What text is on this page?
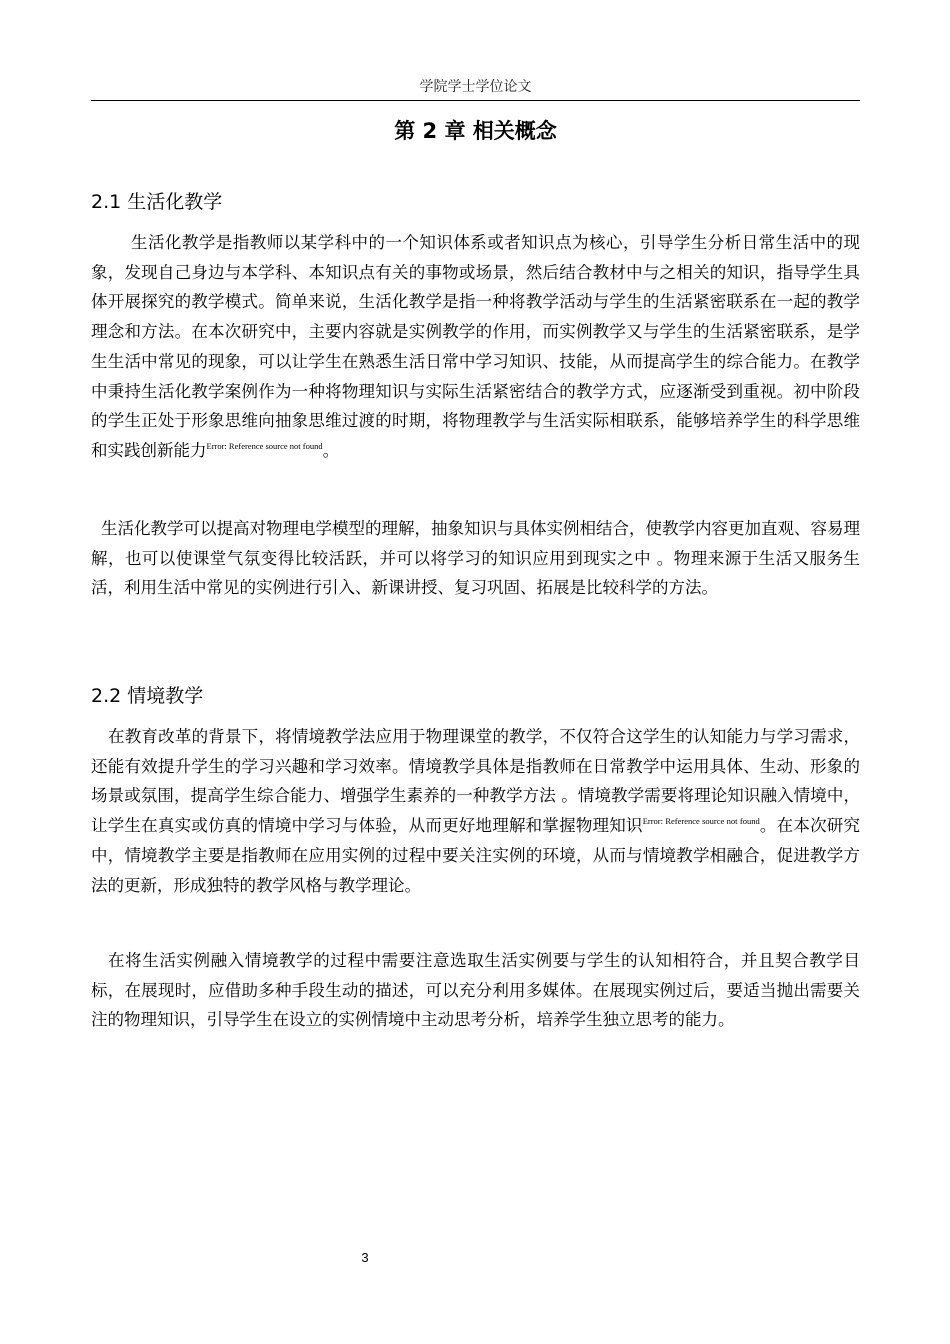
学院学士学位论文
第 2 章 相关概念
2.1 生活化教学

生活化教学是指教师以某学科中的一个知识体系或者知识点为核心，引导学生分析日常生活中的现象，发现自己身边与本学科、本知识点有关的事物或场景，然后结合教材中与之相关的知识，指导学生具体开展探究的教学模式。简单来说，生活化教学是指一种将教学活动与学生的生活紧密联系在一起的教学理念和方法。在本次研究中，主要内容就是实例教学的作用，而实例教学又与学生的生活紧密联系，是学生生活中常见的现象，可以让学生在熟悉生活日常中学习知识、技能，从而提高学生的综合能力。在教学中秉持生活化教学案例作为一种将物理知识与实际生活紧密结合的教学方式，应逐渐受到重视。初中阶段的学生正处于形象思维向抽象思维过渡的时期，将物理教学与生活实际相联系，能够培养学生的科学思维和实践创新能力$^{Error: Reference source not found}$。

生活化教学可以提高对物理电学模型的理解，抽象知识与具体实例相结合，使教学内容更加直观、容易理解，也可以使课堂气氛变得比较活跃，并可以将学习的知识应用到现实之中 。物理来源于生活又服务生活，利用生活中常见的实例进行引入、新课讲授、复习巩固、拓展是比较科学的方法。

2.2 情境教学

在教育改革的背景下，将情境教学法应用于物理课堂的教学，不仅符合这学生的认知能力与学习需求，还能有效提升学生的学习兴趣和学习效率。情境教学具体是指教师在日常教学中运用具体、生动、形象的场景或氛围，提高学生综合能力、增强学生素养的一种教学方法 。情境教学需要将理论知识融入情境中，让学生在真实或仿真的情境中学习与体验，从而更好地理解和掌握物理知识$^{Error: Reference source not found}$。在本次研究中，情境教学主要是指教师在应用实例的过程中要关注实例的环境，从而与情境教学相融合，促进教学方法的更新，形成独特的教学风格与教学理论。

在将生活实例融入情境教学的过程中需要注意选取生活实例要与学生的认知相符合，并且契合教学目标，在展现时，应借助多种手段生动的描述，可以充分利用多媒体。在展现实例过后，要适当抛出需要关注的物理知识，引导学生在设立的实例情境中主动思考分析，培养学生独立思考的能力。

3
